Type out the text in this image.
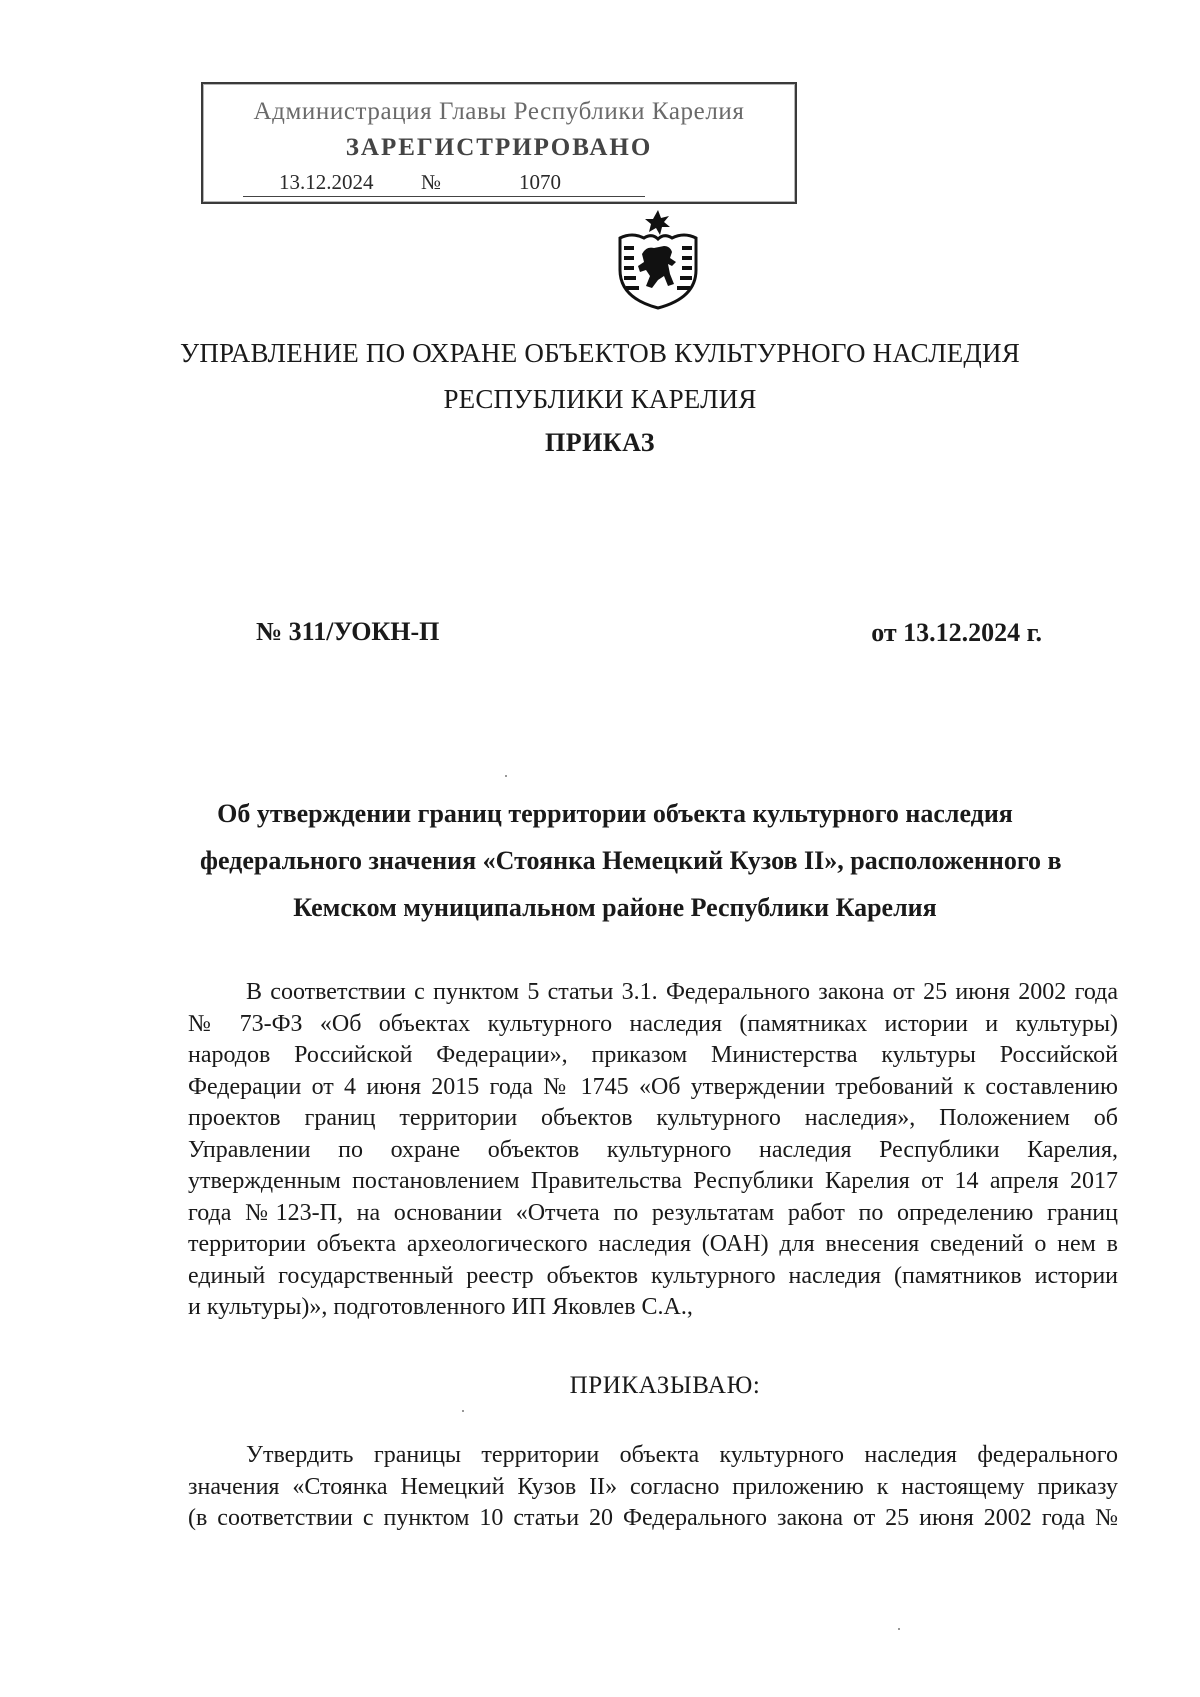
Администрация Главы Республики Карелия
ЗАРЕГИСТРИРОВАНО
13.12.2024 №	1070
УПРАВЛЕНИЕ ПО ОХРАНЕ ОБЪЕКТОВ КУЛЬТУРНОГО НАСЛЕДИЯ
РЕСПУБЛИКИ КАРЕЛИЯ
ПРИКАЗ
№ 311/УОКН-П	от 13.12.2024 г.
Об утверждении границ территории объекта культурного наследия
федерального значения «Стоянка Немецкий Кузов II», расположенного в
Кемском муниципальном районе Республики Карелия
В соответствии с пунктом 5 статьи 3.1. Федерального закона от 25 июня 2002 года
№ 73-ФЗ «Об объектах культурного наследия (памятниках истории и культуры)
народов Российской Федерации», приказом Министерства культуры Российской
Федерации от 4 июня 2015 года № 1745 «Об утверждении требований к составлению
проектов границ территории объектов культурного наследия», Положением об
Управлении по охране объектов культурного наследия Республики Карелия,
утвержденным постановлением Правительства Республики Карелия от 14 апреля 2017
года №123-П, на основании «Отчета по результатам работ по определению границ
территории объекта археологического наследия (ОАН) для внесения сведений о нем в
единый государственный реестр объектов культурного наследия (памятников истории
и культуры)», подготовленного ИП Яковлев С.А.,
ПРИКАЗЫВАЮ:
Утвердить границы территории объекта культурного наследия федерального
значения «Стоянка Немецкий Кузов II» согласно приложению к настоящему приказу
(в соответствии с пунктом 10 статьи 20 Федерального закона от 25 июня 2002 года №
